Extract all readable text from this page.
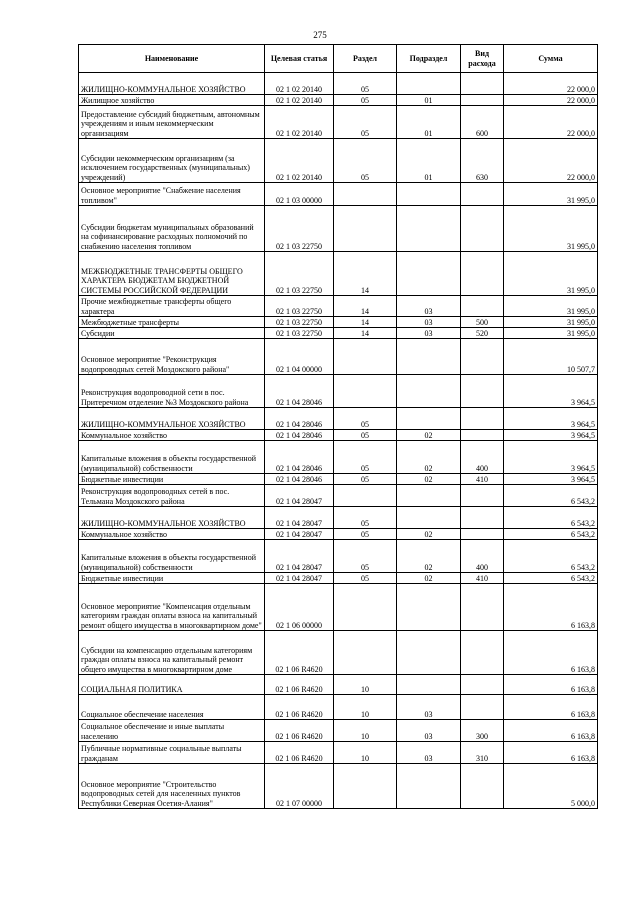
275
Наименование	Целевая статья	Раздел	Подраздел	Вид расхода	Сумма
ЖИЛИЩНО-КОММУНАЛЬНОЕ ХОЗЯЙСТВО	02 1 02 20140	05			22 000,0
Жилищное хозяйство	02 1 02 20140	05	01		22 000,0
Предоставление субсидий бюджетным, автономным учреждениям и иным некоммерческим организациям	02 1 02 20140	05	01	600	22 000,0
Субсидии некоммерческим организациям (за исключением государственных (муниципальных) учреждений)	02 1 02 20140	05	01	630	22 000,0
Основное мероприятие "Снабжение населения топливом"	02 1 03 00000				31 995,0
Субсидии бюджетам муниципальных образований на софинансирование расходных полномочий по снабжению населения топливом	02 1 03 22750				31 995,0
МЕЖБЮДЖЕТНЫЕ ТРАНСФЕРТЫ ОБЩЕГО ХАРАКТЕРА БЮДЖЕТАМ БЮДЖЕТНОЙ СИСТЕМЫ РОССИЙСКОЙ ФЕДЕРАЦИИ	02 1 03 22750	14			31 995,0
Прочие межбюджетные трансферты общего характера	02 1 03 22750	14	03		31 995,0
Межбюджетные трансферты	02 1 03 22750	14	03	500	31 995,0
Субсидии	02 1 03 22750	14	03	520	31 995,0
Основное мероприятие "Реконструкция водопроводных сетей Моздокского района"	02 1 04 00000				10 507,7
Реконструкция водопроводной сети в пос. Притеречном отделение №3 Моздокского района	02 1 04 28046				3 964,5
ЖИЛИЩНО-КОММУНАЛЬНОЕ ХОЗЯЙСТВО	02 1 04 28046	05			3 964,5
Коммунальное хозяйство	02 1 04 28046	05	02		3 964,5
Капитальные вложения в объекты государственной (муниципальной) собственности	02 1 04 28046	05	02	400	3 964,5
Бюджетные инвестиции	02 1 04 28046	05	02	410	3 964,5
Реконструкция водопроводных сетей в пос. Тельмана Моздокского района	02 1 04 28047				6 543,2
ЖИЛИЩНО-КОММУНАЛЬНОЕ ХОЗЯЙСТВО	02 1 04 28047	05			6 543,2
Коммунальное хозяйство	02 1 04 28047	05	02		6 543,2
Капитальные вложения в объекты государственной (муниципальной) собственности	02 1 04 28047	05	02	400	6 543,2
Бюджетные инвестиции	02 1 04 28047	05	02	410	6 543,2
Основное мероприятие "Компенсация отдельным категориям граждан оплаты взноса на капитальный ремонт общего имущества в многоквартирном доме"	02 1 06 00000				6 163,8
Субсидии на компенсацию отдельным категориям граждан оплаты взноса на капитальный ремонт общего имущества в многоквартирном доме	02 1 06 R4620				6 163,8
СОЦИАЛЬНАЯ ПОЛИТИКА	02 1 06 R4620	10			6 163,8
Социальное обеспечение населения	02 1 06 R4620	10	03		6 163,8
Социальное обеспечение и иные выплаты населению	02 1 06 R4620	10	03	300	6 163,8
Публичные нормативные социальные выплаты гражданам	02 1 06 R4620	10	03	310	6 163,8
Основное мероприятие "Строительство водопроводных сетей для населенных пунктов Республики Северная Осетия-Алания"	02 1 07 00000				5 000,0
